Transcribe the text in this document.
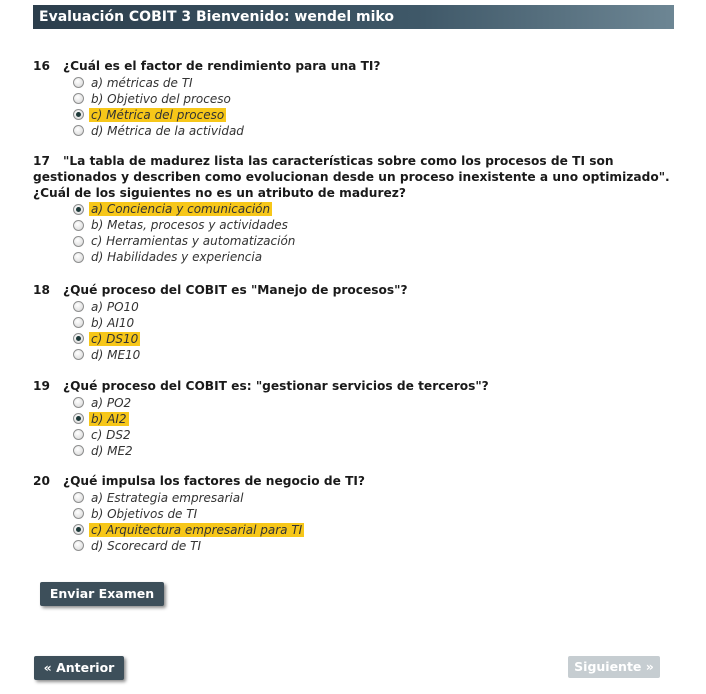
Evaluación COBIT 3 Bienvenido: wendel miko
16 ¿Cuál es el factor de rendimiento para una TI?
a) métricas de TI
b) Objetivo del proceso
c) Métrica del proceso
d) Métrica de la actividad
17 "La tabla de madurez lista las características sobre como los procesos de TI son gestionados y describen como evolucionan desde un proceso inexistente a uno optimizado". ¿Cuál de los siguientes no es un atributo de madurez?
a) Conciencia y comunicación
b) Metas, procesos y actividades
c) Herramientas y automatización
d) Habilidades y experiencia
18 ¿Qué proceso del COBIT es "Manejo de procesos"?
a) PO10
b) AI10
c) DS10
d) ME10
19 ¿Qué proceso del COBIT es: "gestionar servicios de terceros"?
a) PO2
b) AI2
c) DS2
d) ME2
20 ¿Qué impulsa los factores de negocio de TI?
a) Estrategia empresarial
b) Objetivos de TI
c) Arquitectura empresarial para TI
d) Scorecard de TI
Enviar Examen
« Anterior	Siguiente »
